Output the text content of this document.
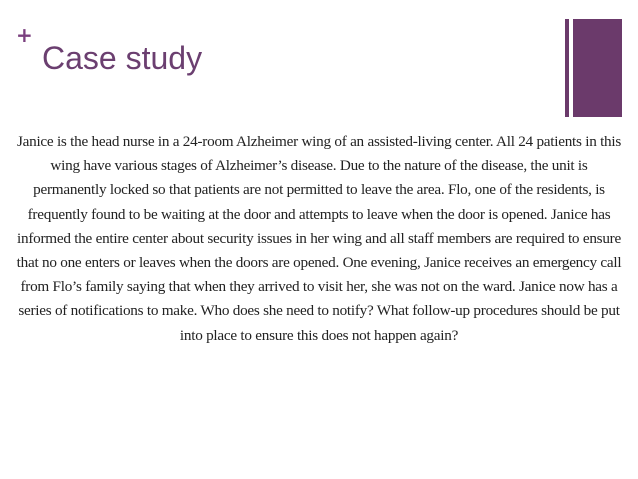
+
Case study

Janice is the head nurse in a 24-room Alzheimer wing of an assisted-living center. All 24 patients in this wing have various stages of Alzheimer’s disease. Due to the nature of the disease, the unit is permanently locked so that patients are not permitted to leave the area. Flo, one of the residents, is frequently found to be waiting at the door and attempts to leave when the door is opened. Janice has informed the entire center about security issues in her wing and all staff members are required to ensure that no one enters or leaves when the doors are opened. One evening, Janice receives an emergency call from Flo’s family saying that when they arrived to visit her, she was not on the ward. Janice now has a series of notifications to make. Who does she need to notify? What follow-up procedures should be put into place to ensure this does not happen again?
